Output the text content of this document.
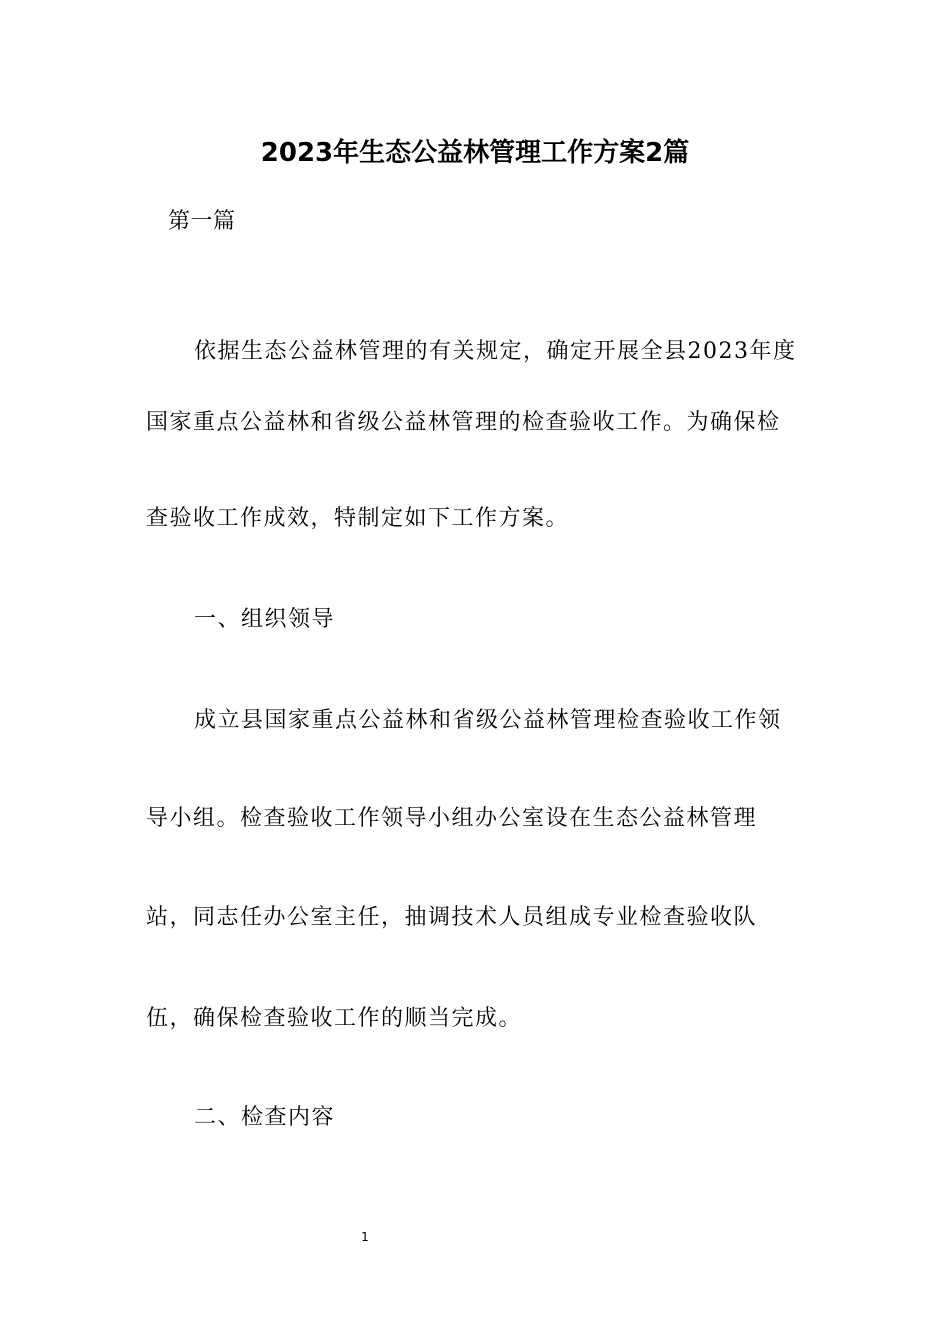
2023年生态公益林管理工作方案2篇
第一篇
依据生态公益林管理的有关规定，确定开展全县2023年度
国家重点公益林和省级公益林管理的检查验收工作。为确保检
查验收工作成效，特制定如下工作方案。
一、组织领导
成立县国家重点公益林和省级公益林管理检查验收工作领
导小组。检查验收工作领导小组办公室设在生态公益林管理
站，同志任办公室主任，抽调技术人员组成专业检查验收队
伍，确保检查验收工作的顺当完成。
二、检查内容
1
